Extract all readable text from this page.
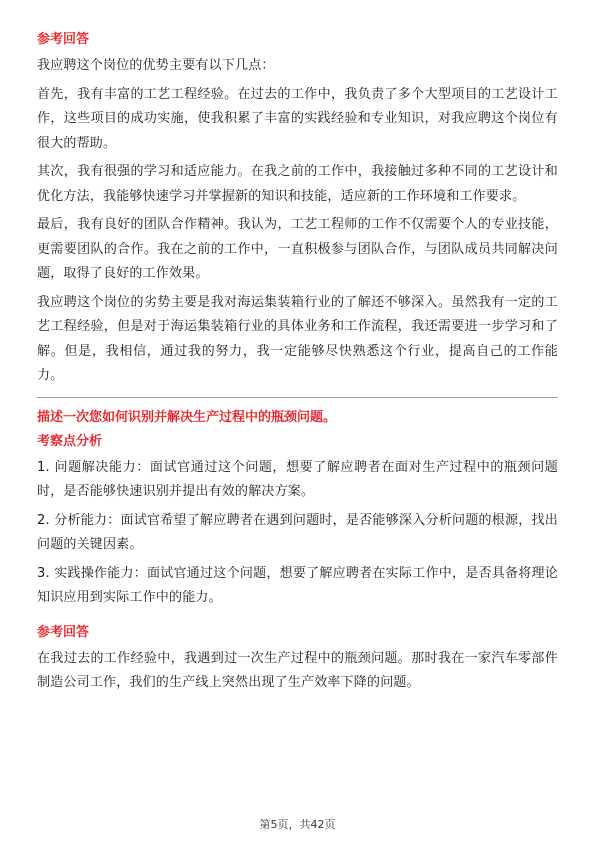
参考回答

我应聘这个岗位的优势主要有以下几点：

首先，我有丰富的工艺工程经验。在过去的工作中，我负责了多个大型项目的工艺设计工作，这些项目的成功实施，使我积累了丰富的实践经验和专业知识，对我应聘这个岗位有很大的帮助。

其次，我有很强的学习和适应能力。在我之前的工作中，我接触过多种不同的工艺设计和优化方法，我能够快速学习并掌握新的知识和技能，适应新的工作环境和工作要求。

最后，我有良好的团队合作精神。我认为，工艺工程师的工作不仅需要个人的专业技能，更需要团队的合作。我在之前的工作中，一直积极参与团队合作，与团队成员共同解决问题，取得了良好的工作效果。

我应聘这个岗位的劣势主要是我对海运集装箱行业的了解还不够深入。虽然我有一定的工艺工程经验，但是对于海运集装箱行业的具体业务和工作流程，我还需要进一步学习和了解。但是，我相信，通过我的努力，我一定能够尽快熟悉这个行业，提高自己的工作能力。

描述一次您如何识别并解决生产过程中的瓶颈问题。
考察点分析

1. 问题解决能力：面试官通过这个问题，想要了解应聘者在面对生产过程中的瓶颈问题时，是否能够快速识别并提出有效的解决方案。

2. 分析能力：面试官希望了解应聘者在遇到问题时，是否能够深入分析问题的根源，找出问题的关键因素。

3. 实践操作能力：面试官通过这个问题，想要了解应聘者在实际工作中，是否具备将理论知识应用到实际工作中的能力。

参考回答

在我过去的工作经验中，我遇到过一次生产过程中的瓶颈问题。那时我在一家汽车零部件制造公司工作，我们的生产线上突然出现了生产效率下降的问题。

第5页，共42页
